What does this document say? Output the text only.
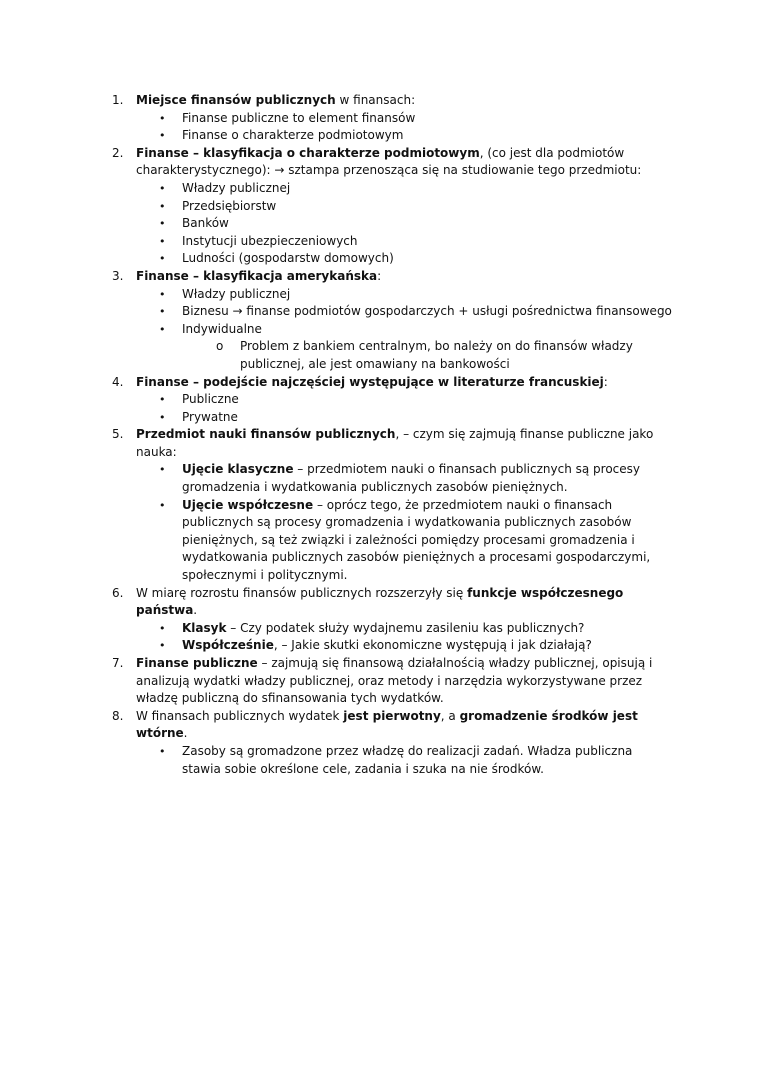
1.	Miejsce finansów publicznych w finansach:
• Finanse publiczne to element finansów
• Finanse o charakterze podmiotowym
2.	Finanse – klasyfikacja o charakterze podmiotowym, (co jest dla podmiotów charakterystycznego): → sztampa przenosząca się na studiowanie tego przedmiotu:
• Władzy publicznej
• Przedsiębiorstw
• Banków
• Instytucji ubezpieczeniowych
• Ludności (gospodarstw domowych)
3.	Finanse – klasyfikacja amerykańska:
• Władzy publicznej
• Biznesu → finanse podmiotów gospodarczych + usługi pośrednictwa finansowego
• Indywidualne
o Problem z bankiem centralnym, bo należy on do finansów władzy publicznej, ale jest omawiany na bankowości
4.	Finanse – podejście najczęściej występujące w literaturze francuskiej:
• Publiczne
• Prywatne
5.	Przedmiot nauki finansów publicznych, – czym się zajmują finanse publiczne jako nauka:
• Ujęcie klasyczne – przedmiotem nauki o finansach publicznych są procesy gromadzenia i wydatkowania publicznych zasobów pieniężnych.
• Ujęcie współczesne – oprócz tego, że przedmiotem nauki o finansach publicznych są procesy gromadzenia i wydatkowania publicznych zasobów pieniężnych, są też związki i zależności pomiędzy procesami gromadzenia i wydatkowania publicznych zasobów pieniężnych a procesami gospodarczymi, społecznymi i politycznymi.
6.	W miarę rozrostu finansów publicznych rozszerzyły się funkcje współczesnego państwa.
• Klasyk – Czy podatek służy wydajnemu zasileniu kas publicznych?
• Współcześnie, – Jakie skutki ekonomiczne występują i jak działają?
7.	Finanse publiczne – zajmują się finansową działalnością władzy publicznej, opisują i analizują wydatki władzy publicznej, oraz metody i narzędzia wykorzystywane przez władzę publiczną do sfinansowania tych wydatków.
8.	W finansach publicznych wydatek jest pierwotny, a gromadzenie środków jest wtórne.
• Zasoby są gromadzone przez władzę do realizacji zadań. Władza publiczna stawia sobie określone cele, zadania i szuka na nie środków.
